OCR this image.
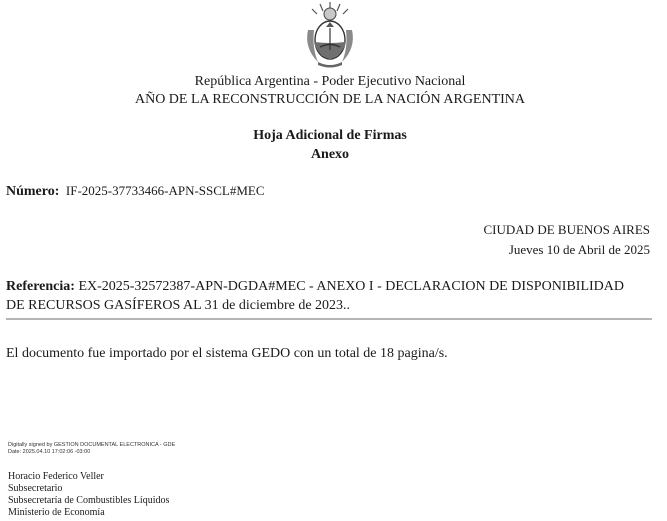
República Argentina - Poder Ejecutivo Nacional
AÑO DE LA RECONSTRUCCIÓN DE LA NACIÓN ARGENTINA
Hoja Adicional de Firmas
Anexo
Número: IF-2025-37733466-APN-SSCL#MEC
CIUDAD DE BUENOS AIRES
Jueves 10 de Abril de 2025
Referencia: EX-2025-32572387-APN-DGDA#MEC - ANEXO I - DECLARACION DE DISPONIBILIDAD DE RECURSOS GASÍFEROS AL 31 de diciembre de 2023..
El documento fue importado por el sistema GEDO con un total de 18 pagina/s.
Digitally signed by GESTION DOCUMENTAL ELECTRONICA - GDE
Date: 2025.04.10 17:02:06 -03:00
Horacio Federico Veller
Subsecretario
Subsecretaría de Combustibles Líquidos
Ministerio de Economía
